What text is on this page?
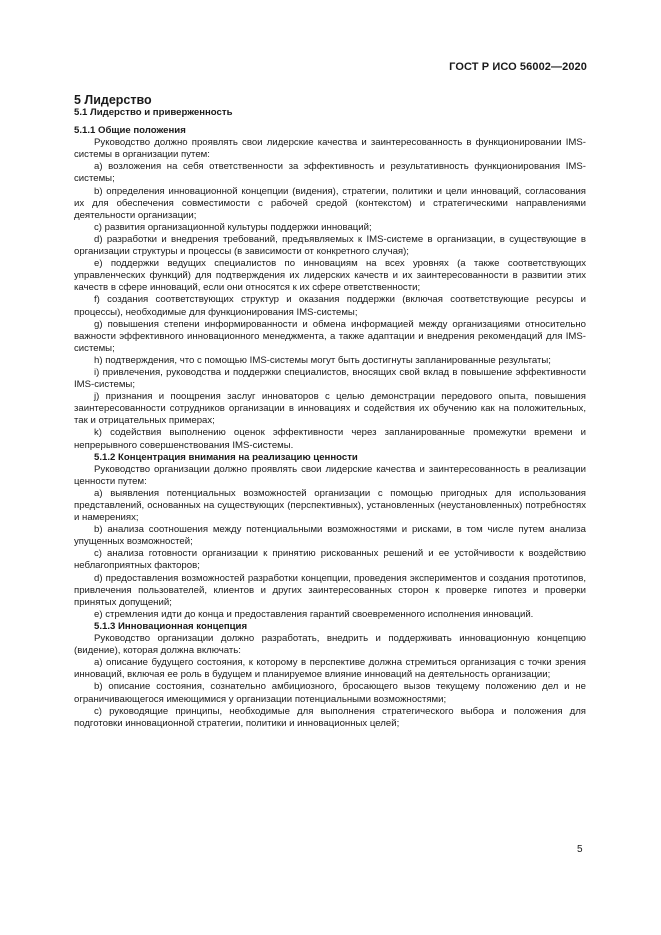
ГОСТ Р ИСО 56002—2020

5 Лидерство

5.1 Лидерство и приверженность

5.1.1 Общие положения

Руководство должно проявлять свои лидерские качества и заинтересованность в функционировании IMS-системы в организации путем:

a) возложения на себя ответственности за эффективность и результативность функционирования IMS-системы;

b) определения инновационной концепции (видения), стратегии, политики и цели инноваций, согласования их для обеспечения совместимости с рабочей средой (контекстом) и стратегическими направлениями деятельности организации;

c) развития организационной культуры поддержки инноваций;

d) разработки и внедрения требований, предъявляемых к IMS-системе в организации, в существующие в организации структуры и процессы (в зависимости от конкретного случая);

e) поддержки ведущих специалистов по инновациям на всех уровнях (а также соответствующих управленческих функций) для подтверждения их лидерских качеств и их заинтересованности в развитии этих качеств в сфере инноваций, если они относятся к их сфере ответственности;

f) создания соответствующих структур и оказания поддержки (включая соответствующие ресурсы и процессы), необходимые для функционирования IMS-системы;

g) повышения степени информированности и обмена информацией между организациями относительно важности эффективного инновационного менеджмента, а также адаптации и внедрения рекомендаций для IMS-системы;

h) подтверждения, что с помощью IMS-системы могут быть достигнуты запланированные результаты;

i) привлечения, руководства и поддержки специалистов, вносящих свой вклад в повышение эффективности IMS-системы;

j) признания и поощрения заслуг инноваторов с целью демонстрации передового опыта, повышения заинтересованности сотрудников организации в инновациях и содействия их обучению как на положительных, так и отрицательных примерах;

k) содействия выполнению оценок эффективности через запланированные промежутки времени и непрерывного совершенствования IMS-системы.

5.1.2 Концентрация внимания на реализацию ценности

Руководство организации должно проявлять свои лидерские качества и заинтересованность в реализации ценности путем:

a) выявления потенциальных возможностей организации с помощью пригодных для использования представлений, основанных на существующих (перспективных), установленных (неустановленных) потребностях и намерениях;

b) анализа соотношения между потенциальными возможностями и рисками, в том числе путем анализа упущенных возможностей;

c) анализа готовности организации к принятию рискованных решений и ее устойчивости к воздействию неблагоприятных факторов;

d) предоставления возможностей разработки концепции, проведения экспериментов и создания прототипов, привлечения пользователей, клиентов и других заинтересованных сторон к проверке гипотез и проверки принятых допущений;

e) стремления идти до конца и предоставления гарантий своевременного исполнения инноваций.

5.1.3 Инновационная концепция

Руководство организации должно разработать, внедрить и поддерживать инновационную концепцию (видение), которая должна включать:

a) описание будущего состояния, к которому в перспективе должна стремиться организация с точки зрения инноваций, включая ее роль в будущем и планируемое влияние инноваций на деятельность организации;

b) описание состояния, сознательно амбициозного, бросающего вызов текущему положению дел и не ограничивающегося имеющимися у организации потенциальными возможностями;

c) руководящие принципы, необходимые для выполнения стратегического выбора и положения для подготовки инновационной стратегии, политики и инновационных целей;

5
